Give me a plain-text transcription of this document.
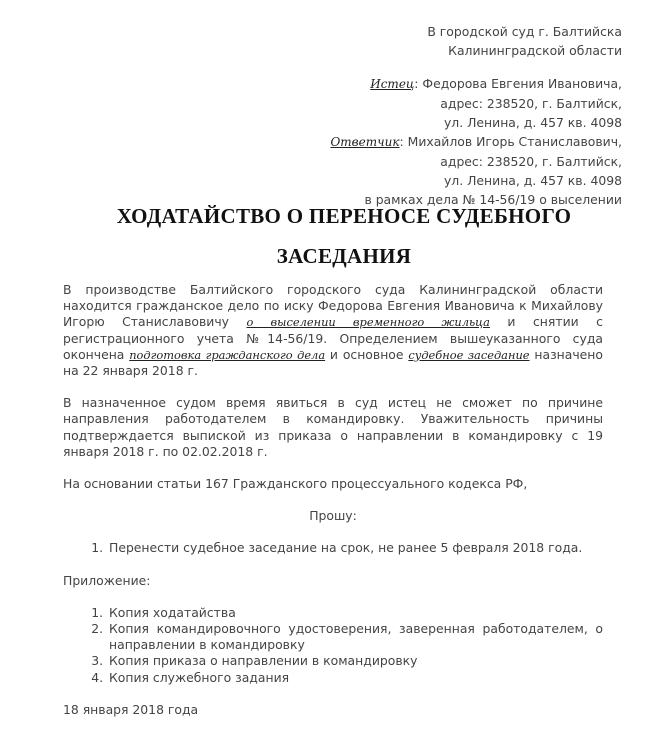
В городской суд г. Балтийска
Калининградской области
Истец: Федорова Евгения Ивановича,
адрес: 238520, г. Балтийск,
ул. Ленина, д. 457 кв. 4098
Ответчик: Михайлов Игорь Станиславович,
адрес: 238520, г. Балтийск,
ул. Ленина, д. 457 кв. 4098
в рамках дела № 14-56/19 о выселении
ХОДАТАЙСТВО О ПЕРЕНОСЕ СУДЕБНОГО
ЗАСЕДАНИЯ

В производстве Балтийского городского суда Калининградской области находится гражданское дело по иску Федорова Евгения Ивановича к Михайлову Игорю Станиславовичу о выселении временного жильца и снятии с регистрационного учета №14-56/19. Определением вышеуказанного суда окончена подготовка гражданского дела и основное судебное заседание назначено на 22 января 2018 г.

В назначенное судом время явиться в суд истец не сможет по причине направления работодателем в командировку. Уважительность причины подтверждается выпиской из приказа о направлении в командировку с 19 января 2018 г. по 02.02.2018 г.

На основании статьи 167 Гражданского процессуального кодекса РФ,

Прошу:

1. Перенести судебное заседание на срок, не ранее 5 февраля 2018 года.

Приложение:

1. Копия ходатайства
2. Копия командировочного удостоверения, заверенная работодателем, о направлении в командировку
3. Копия приказа о направлении в командировку
4. Копия служебного задания

18 января 2018 года
